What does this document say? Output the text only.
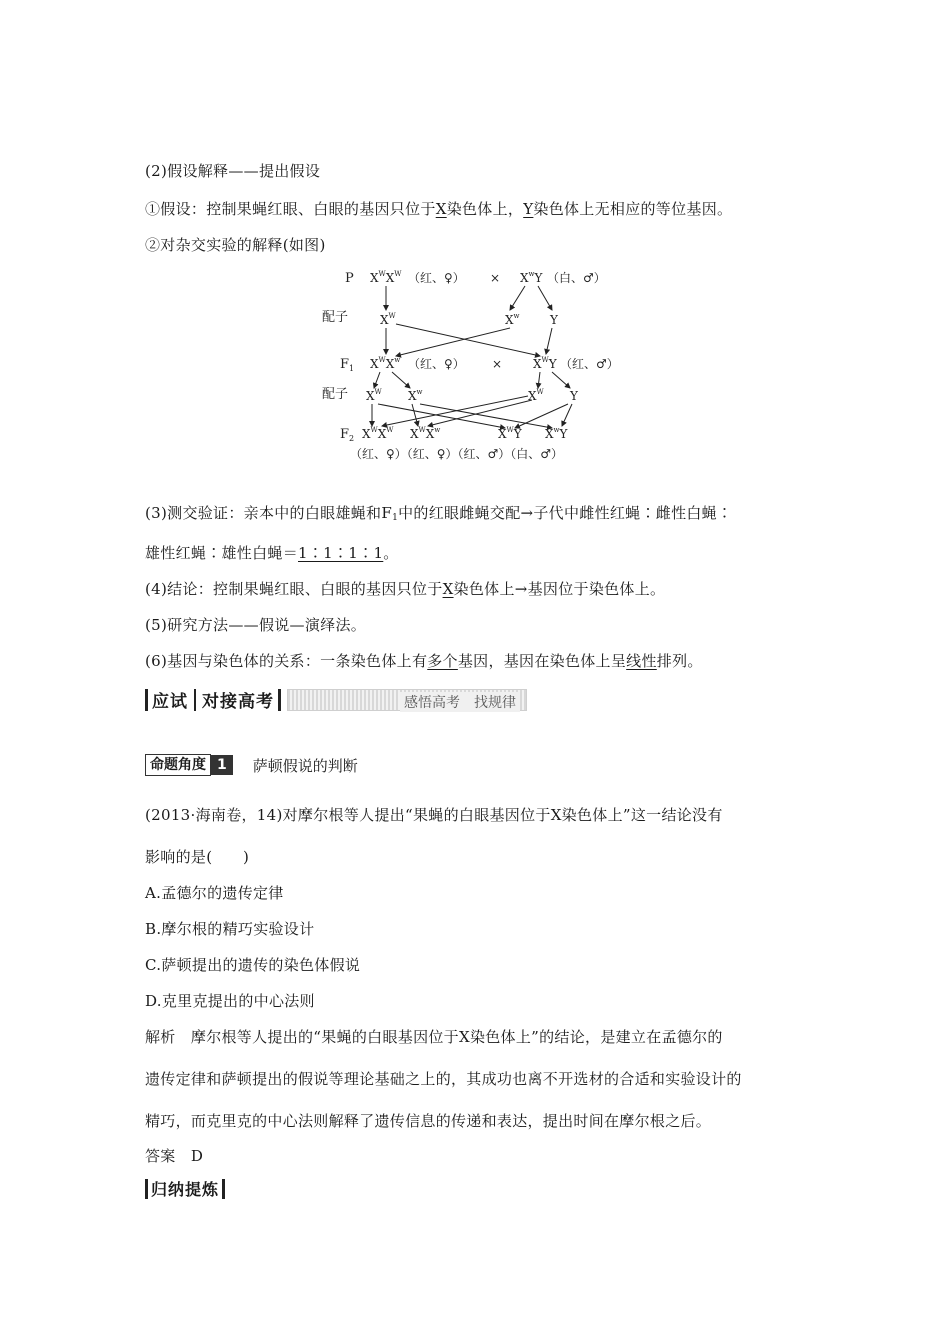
(2)假设解释——提出假设
①假设：控制果蝇红眼、白眼的基因只位于X染色体上，Y染色体上无相应的等位基因。
②对杂交实验的解释(如图)
P
配子
$F_1$
配子
$F_2$
$X^WX^W$ （红、♀） × $X^wY$ （白、♂）
$X^W$	$X^w$	Y
$X^WX^w$ （红、♀） ×	$X^WY$ （红、♂）
$X^W$ $X^w$	$X^W$ Y
$X^WX^W$ $X^WX^w$	$X^WY$ $X^wY$
（红、♀）（红、♀）（红、♂）（白、♂）
(3)测交验证：亲本中的白眼雄蝇和$F_1$中的红眼雌蝇交配→子代中雌性红蝇∶雌性白蝇∶
雄性红蝇∶雄性白蝇＝1∶1∶1∶1。
(4)结论：控制果蝇红眼、白眼的基因只位于X染色体上→基因位于染色体上。
(5)研究方法——假说—演绎法。
(6)基因与染色体的关系：一条染色体上有多个基因，基因在染色体上呈线性排列。
应试 对接高考	感悟高考　找规律
命题角度 1	萨顿假说的判断
(2013·海南卷，14)对摩尔根等人提出“果蝇的白眼基因位于X染色体上”这一结论没有
影响的是(　　)
A.孟德尔的遗传定律
B.摩尔根的精巧实验设计
C.萨顿提出的遗传的染色体假说
D.克里克提出的中心法则
解析　摩尔根等人提出的“果蝇的白眼基因位于X染色体上”的结论，是建立在孟德尔的
遗传定律和萨顿提出的假说等理论基础之上的，其成功也离不开选材的合适和实验设计的
精巧，而克里克的中心法则解释了遗传信息的传递和表达，提出时间在摩尔根之后。
答案　D
归纳提炼
